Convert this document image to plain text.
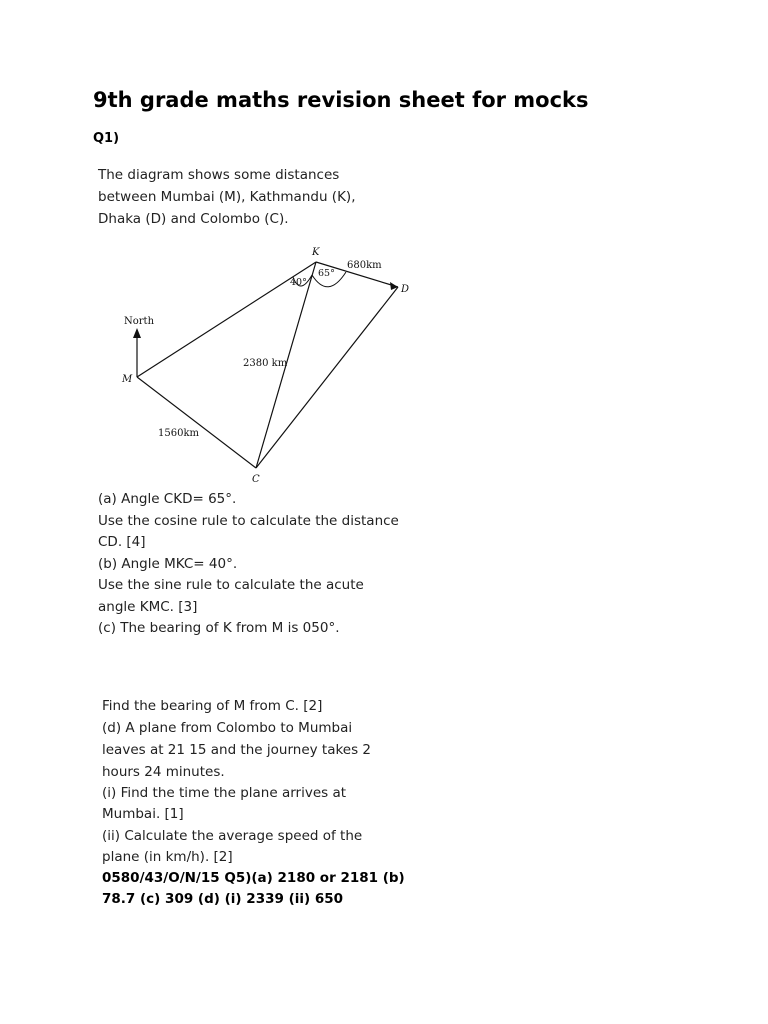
9th grade maths revision sheet for mocks
Q1)
The diagram shows some distances
between Mumbai (M), Kathmandu (K),
Dhaka (D) and Colombo (C).
K
D
M
C
North
680km
2380 km
1560km
40°
65°
(a) Angle CKD= 65°.
Use the cosine rule to calculate the distance
CD. [4]
(b) Angle MKC= 40°.
Use the sine rule to calculate the acute
angle KMC. [3]
(c) The bearing of K from M is 050°.
Find the bearing of M from C. [2]
(d) A plane from Colombo to Mumbai
leaves at 21 15 and the journey takes 2
hours 24 minutes.
(i) Find the time the plane arrives at
Mumbai. [1]
(ii) Calculate the average speed of the
plane (in km/h). [2]
0580/43/O/N/15 Q5)(a) 2180 or 2181 (b)
78.7 (c) 309 (d) (i) 2339 (ii) 650
